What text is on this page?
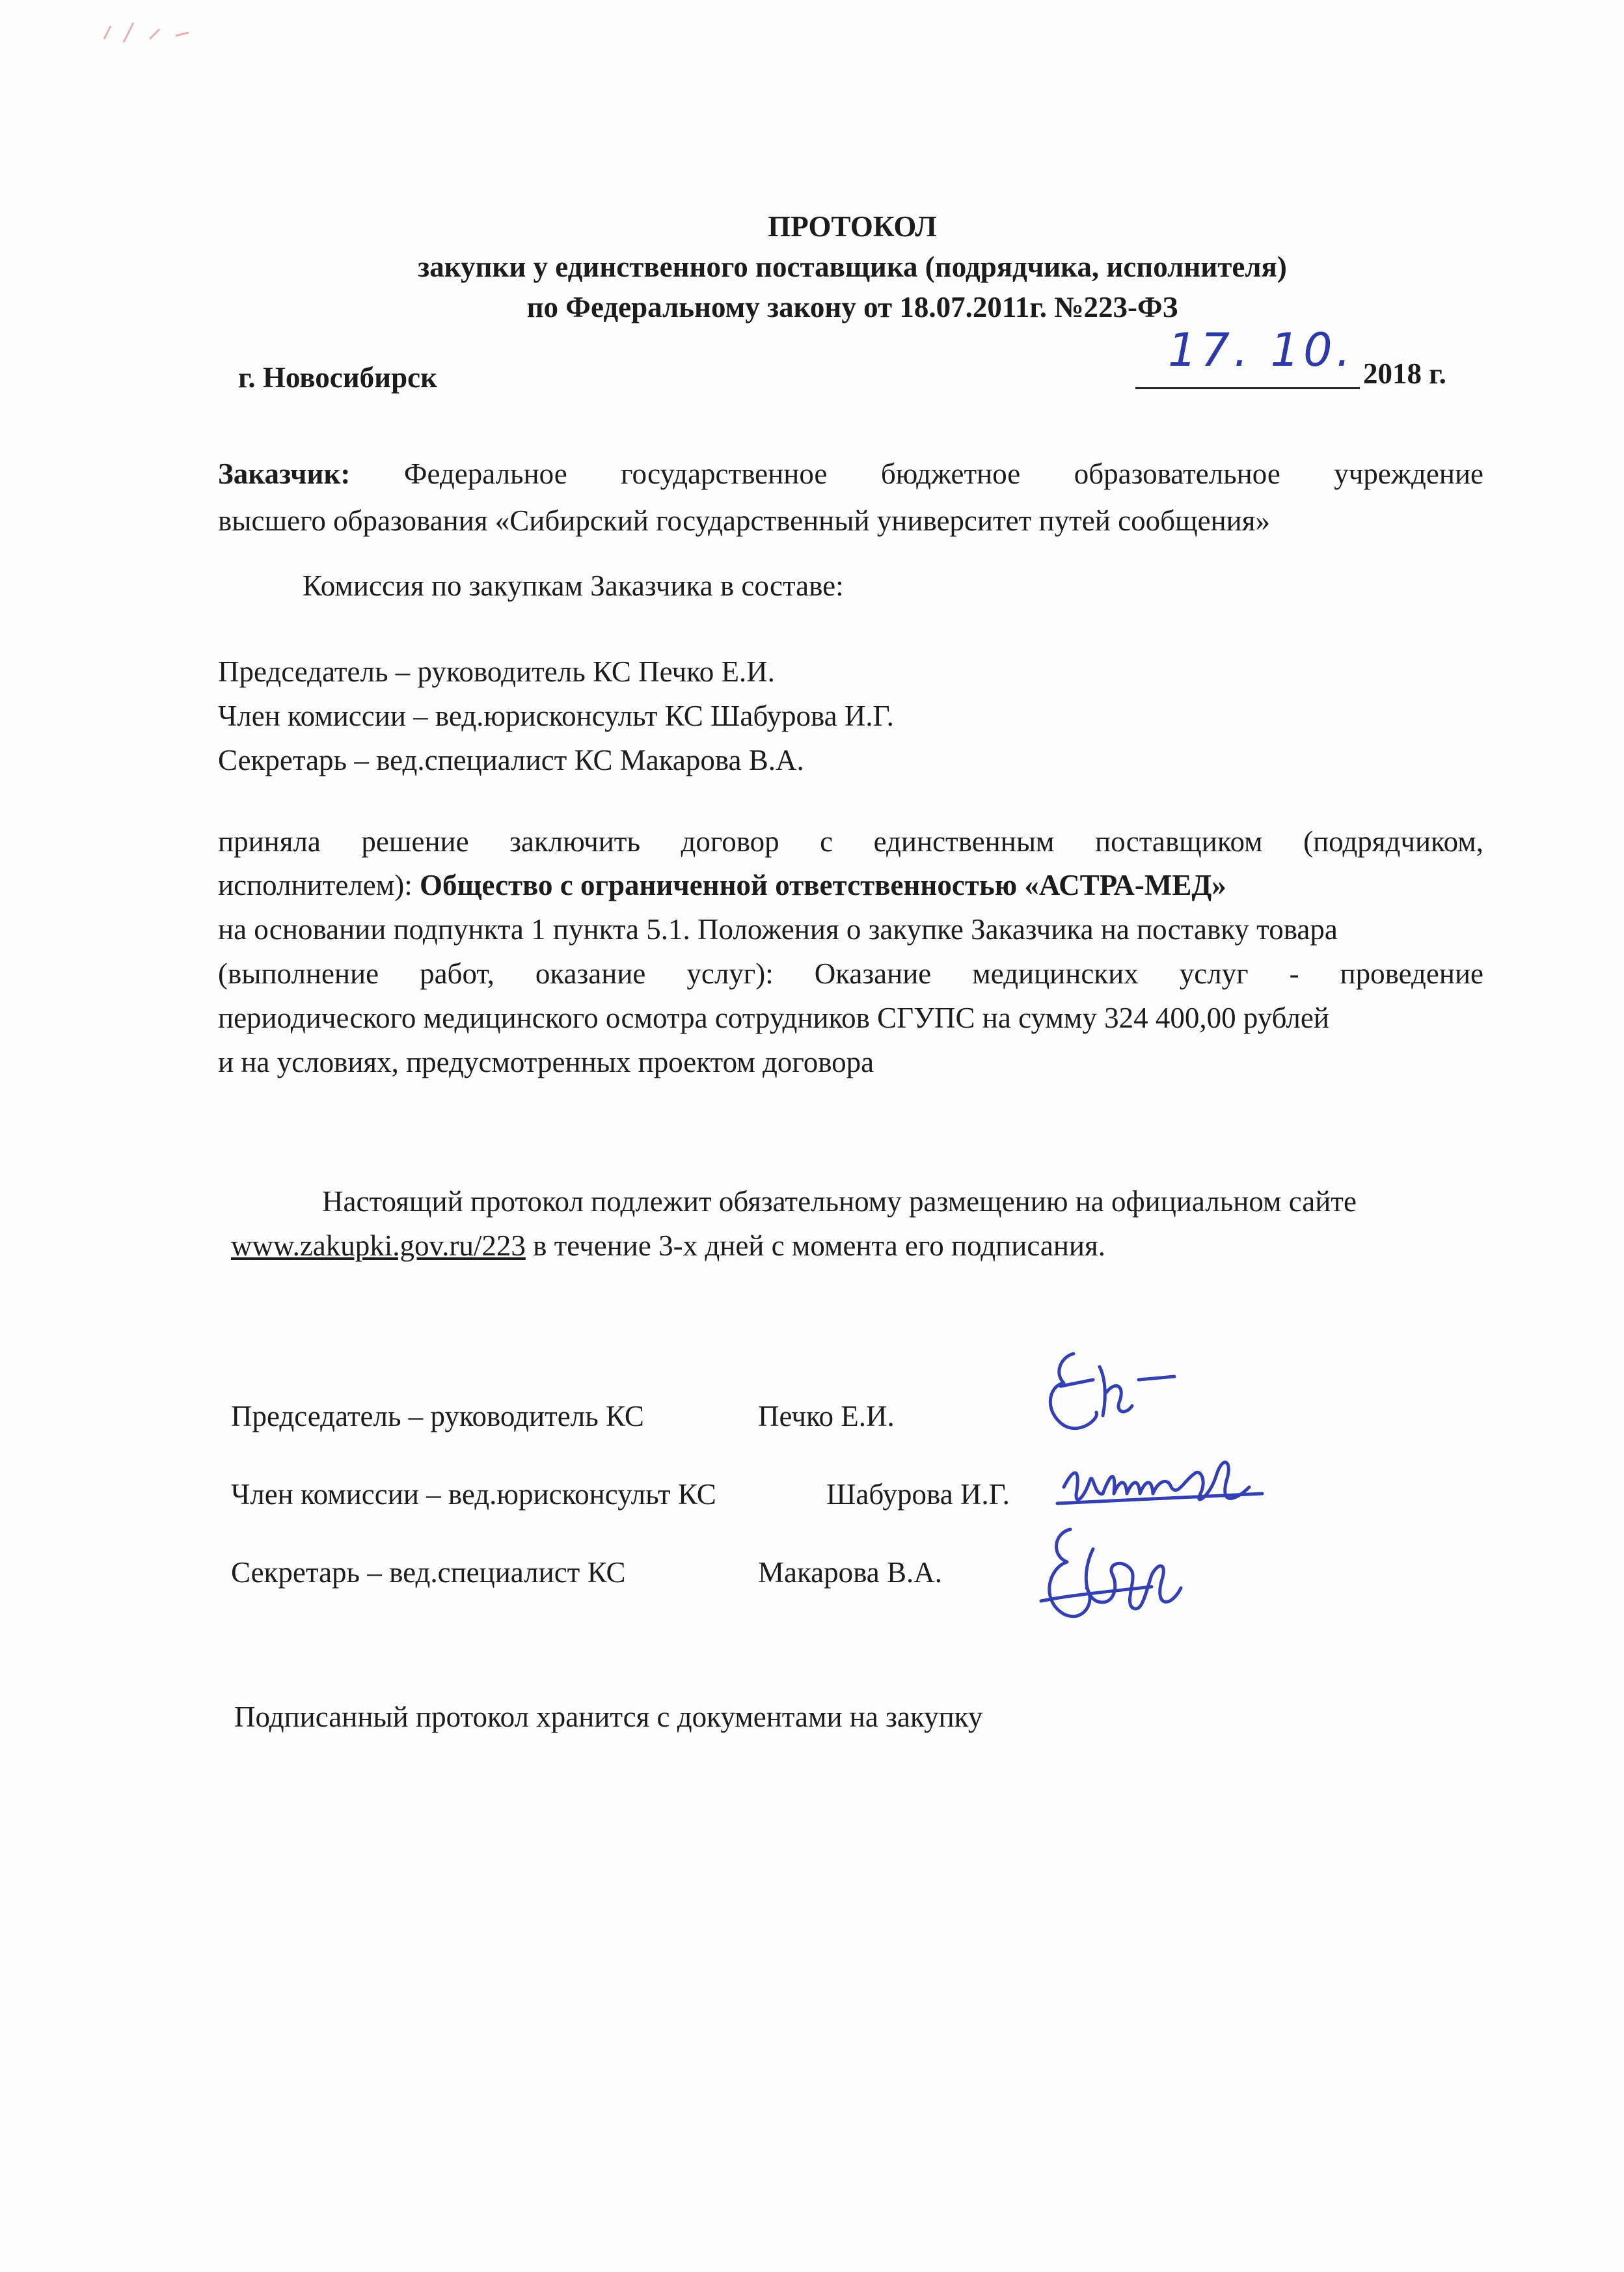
ПРОТОКОЛ
закупки у единственного поставщика (подрядчика, исполнителя)
по Федеральному закону от 18.07.2011г. №223-ФЗ
г. Новосибирск
17. 10. 2018 г.
Заказчик: Федеральное государственное бюджетное образовательное учреждение
высшего образования «Сибирский государственный университет путей сообщения»
Комиссия по закупкам Заказчика в составе:
Председатель – руководитель КС Печко Е.И.
Член комиссии – вед.юрисконсульт КС Шабурова И.Г.
Секретарь – вед.специалист КС Макарова В.А.
приняла решение заключить договор с единственным поставщиком (подрядчиком,
исполнителем): Общество с ограниченной ответственностью «АСТРА-МЕД»
на основании подпункта 1 пункта 5.1. Положения о закупке Заказчика на поставку товара
(выполнение работ, оказание услуг): Оказание медицинских услуг - проведение
периодического медицинского осмотра сотрудников СГУПС на сумму 324 400,00 рублей
и на условиях, предусмотренных проектом договора
Настоящий протокол подлежит обязательному размещению на официальном сайте
www.zakupki.gov.ru/223 в течение 3-х дней с момента его подписания.
Председатель – руководитель КС	Печко Е.И.
Член комиссии – вед.юрисконсульт КС	Шабурова И.Г.
Секретарь – вед.специалист КС	Макарова В.А.
Подписанный протокол хранится с документами на закупку
